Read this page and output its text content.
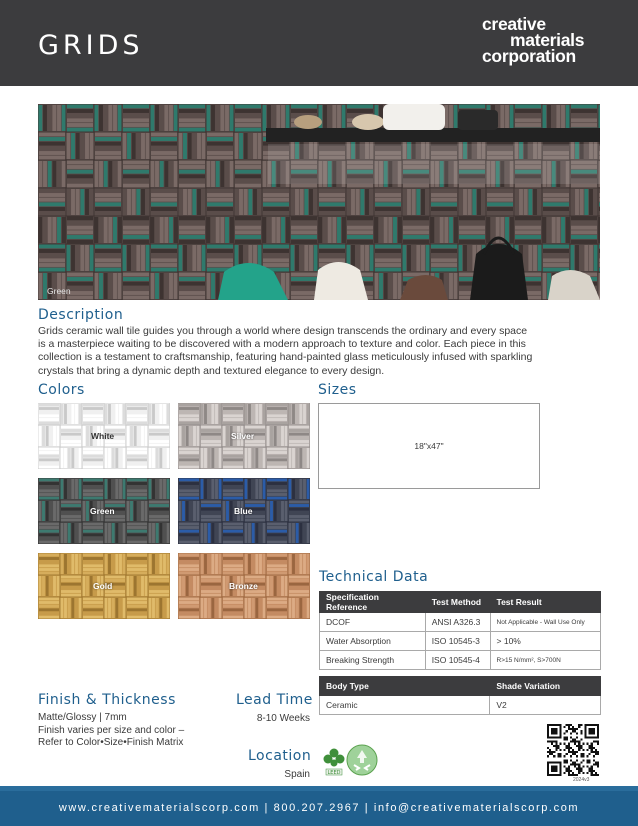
GRIDS
creative
materials
corporation
Green
Description
Grids ceramic wall tile guides you through a world where design transcends the ordinary and every space
is a masterpiece waiting to be discovered with a modern approach to texture and color. Each piece in this
collection is a testament to craftsmanship, featuring hand-painted glass meticulously infused with sparkling
crystals that bring a dynamic depth and textured elegance to every design.
Colors
White	Silver
Green	Blue
Gold	Bronze
Sizes
18"x47"
Technical Data
Specification Reference	Test Method	Test Result
DCOF	ANSI A326.3	Not Applicable - Wall Use Only
Water Absorption	ISO 10545-3	> 10%
Breaking Strength	ISO 10545-4	R>15 N/mm², S>700N
Body Type	Shade Variation
Ceramic	V2
Finish & Thickness
Matte/Glossy | 7mm
Finish varies per size and color –
Refer to Color•Size•Finish Matrix
Lead Time
8-10 Weeks
Location
Spain	LEED
2024v3
www.creativematerialscorp.com | 800.207.2967 | info@creativematerialscorp.com
